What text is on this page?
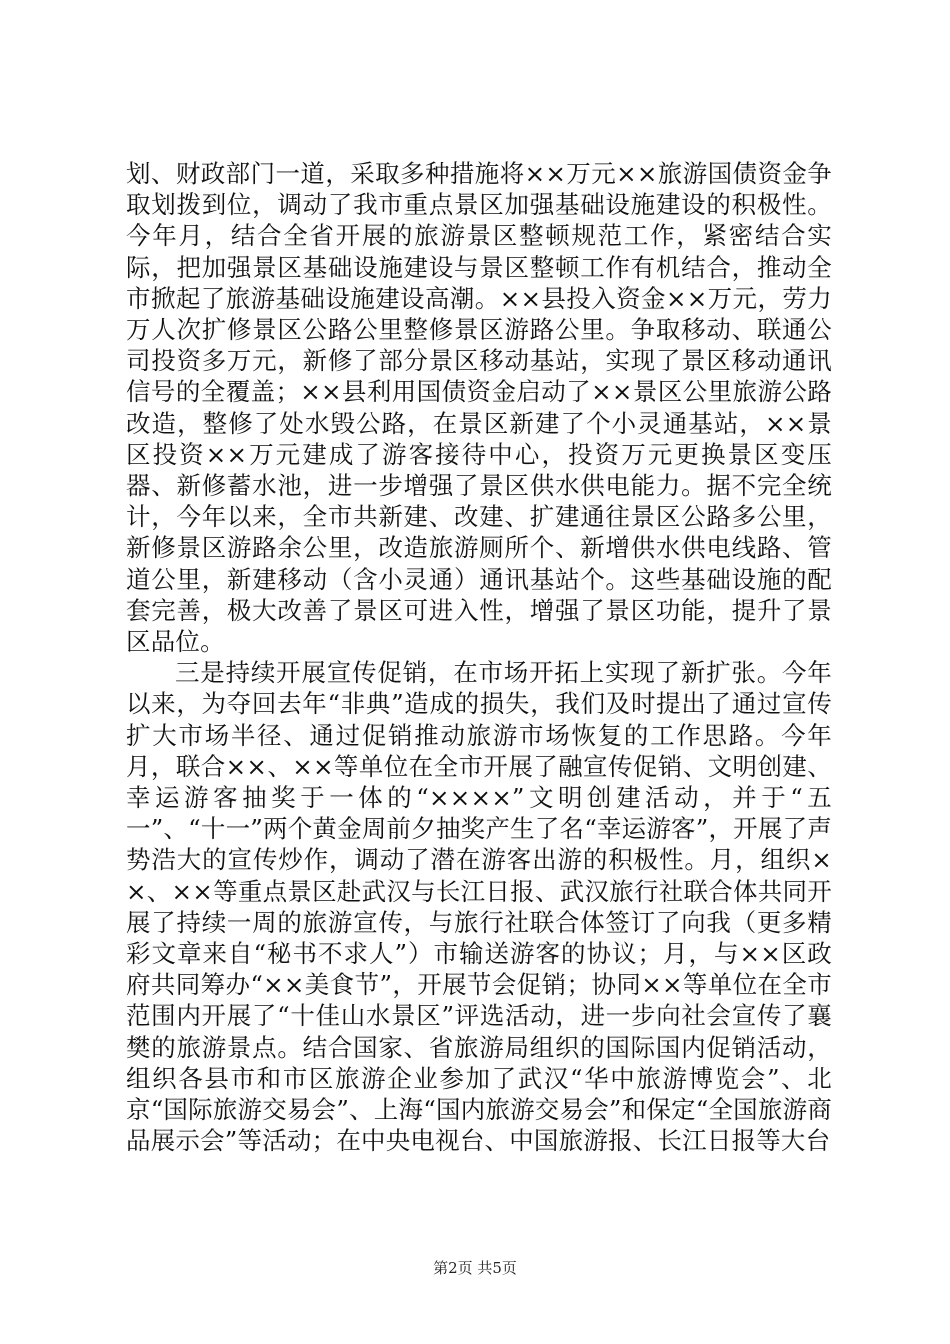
划、财政部门一道，采取多种措施将××万元××旅游国债资金争取划拨到位，调动了我市重点景区加强基础设施建设的积极性。今年月，结合全省开展的旅游景区整顿规范工作，紧密结合实际，把加强景区基础设施建设与景区整顿工作有机结合，推动全市掀起了旅游基础设施建设高潮。××县投入资金××万元，劳力万人次扩修景区公路公里整修景区游路公里。争取移动、联通公司投资多万元，新修了部分景区移动基站，实现了景区移动通讯信号的全覆盖；××县利用国债资金启动了××景区公里旅游公路改造，整修了处水毁公路，在景区新建了个小灵通基站，××景区投资××万元建成了游客接待中心，投资万元更换景区变压器、新修蓄水池，进一步增强了景区供水供电能力。据不完全统计，今年以来，全市共新建、改建、扩建通往景区公路多公里，新修景区游路余公里，改造旅游厕所个、新增供水供电线路、管道公里，新建移动（含小灵通）通讯基站个。这些基础设施的配套完善，极大改善了景区可进入性，增强了景区功能，提升了景区品位。

三是持续开展宣传促销，在市场开拓上实现了新扩张。今年以来，为夺回去年“非典”造成的损失，我们及时提出了通过宣传扩大市场半径、通过促销推动旅游市场恢复的工作思路。今年月，联合××、××等单位在全市开展了融宣传促销、文明创建、幸运游客抽奖于一体的“××××”文明创建活动，并于“五一”、“十一”两个黄金周前夕抽奖产生了名“幸运游客”，开展了声势浩大的宣传炒作，调动了潜在游客出游的积极性。月，组织××、××等重点景区赴武汉与长江日报、武汉旅行社联合体共同开展了持续一周的旅游宣传，与旅行社联合体签订了向我（更多精彩文章来自“秘书不求人”）市输送游客的协议；月，与××区政府共同筹办“××美食节”，开展节会促销；协同××等单位在全市范围内开展了“十佳山水景区”评选活动，进一步向社会宣传了襄樊的旅游景点。结合国家、省旅游局组织的国际国内促销活动，组织各县市和市区旅游企业参加了武汉“华中旅游博览会”、北京“国际旅游交易会”、上海“国内旅游交易会”和保定“全国旅游商品展示会”等活动；在中央电视台、中国旅游报、长江日报等大台

第2页 共5页
